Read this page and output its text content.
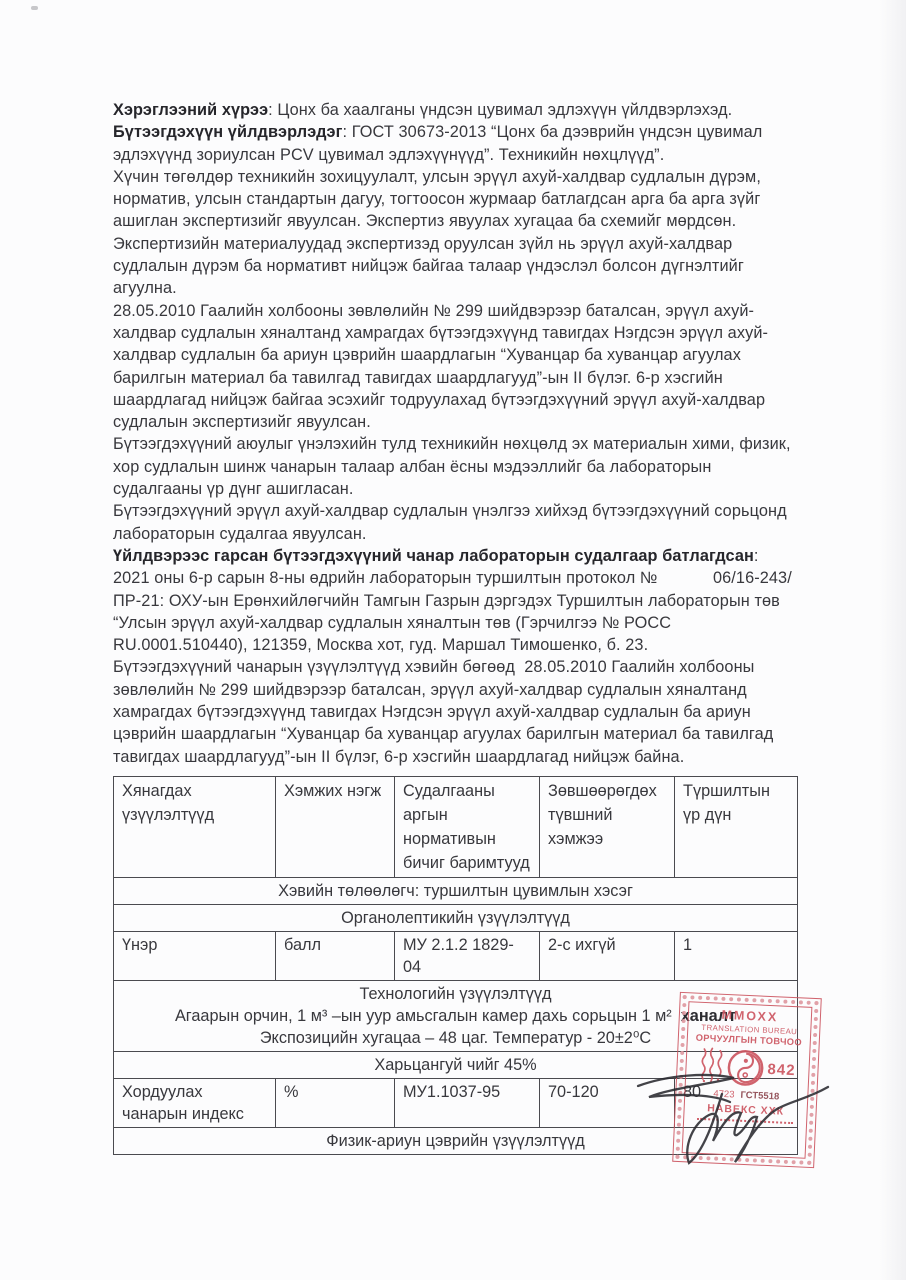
Хэрэглээний хүрээ: Цонх ба хаалганы үндсэн цувимал эдлэхүүн үйлдвэрлэхэд.

Бүтээгдэхүүн үйлдвэрлэдэг: ГОСТ 30673-2013 “Цонх ба дээврийн үндсэн цувимал эдлэхүүнд зориулсан PCV цувимал эдлэхүүнүүд”. Техникийн нөхцлүүд”.

Хүчин төгөлдөр техникийн зохицуулалт, улсын эрүүл ахуй-халдвар судлалын дүрэм, норматив, улсын стандартын дагуу, тогтоосон журмаар батлагдсан арга ба арга зүйг ашиглан экспертизийг явуулсан. Экспертиз явуулах хугацаа ба схемийг мөрдсөн.

Экспертизийн материалуудад экспертизэд оруулсан зүйл нь эрүүл ахуй-халдвар судлалын дүрэм ба нормативт нийцэж байгаа талаар үндэслэл болсон дүгнэлтийг агуулна.

28.05.2010 Гаалийн холбооны зөвлөлийн № 299 шийдвэрээр баталсан, эрүүл ахуй-халдвар судлалын хяналтанд хамрагдах бүтээгдэхүүнд тавигдах Нэгдсэн эрүүл ахуй-халдвар судлалын ба ариун цэврийн шаардлагын “Хуванцар ба хуванцар агуулах барилгын материал ба тавилгад тавигдах шаардлагууд”-ын II бүлэг. 6-р хэсгийн шаардлагад нийцэж байгаа эсэхийг тодруулахад бүтээгдэхүүний эрүүл ахуй-халдвар судлалын экспертизийг явуулсан.

Бүтээгдэхүүний аюулыг үнэлэхийн тулд техникийн нөхцөлд эх материалын хими, физик, хор судлалын шинж чанарын талаар албан ёсны мэдээллийг ба лабораторын судалгааны үр дүнг ашигласан.

Бүтээгдэхүүний эрүүл ахуй-халдвар судлалын үнэлгээ хийхэд бүтээгдэхүүний сорьцонд лабораторын судалгаа явуулсан.

Үйлдвэрээс гарсан бүтээгдэхүүний чанар лабораторын судалгаар батлагдсан:

2021 оны 6-р сарын 8-ны өдрийн лабораторын туршилтын протокол №            06/16-243/ПР-21: ОХУ-ын Ерөнхийлөгчийн Тамгын Газрын дэргэдэх Туршилтын лабораторын төв “Улсын эрүүл ахуй-халдвар судлалын хяналтын төв (Гэрчилгээ № РОСС RU.0001.510440), 121359, Москва хот, гуд. Маршал Тимошенко, б. 23.

Бүтээгдэхүүний чанарын үзүүлэлтүүд хэвийн бөгөөд  28.05.2010 Гаалийн холбооны зөвлөлийн № 299 шийдвэрээр баталсан, эрүүл ахуй-халдвар судлалын хяналтанд хамрагдах бүтээгдэхүүнд тавигдах Нэгдсэн эрүүл ахуй-халдвар судлалын ба ариун цэврийн шаардлагын “Хуванцар ба хуванцар агуулах барилгын материал ба тавилгад тавигдах шаардлагууд”-ын II бүлэг, 6-р хэсгийн шаардлагад нийцэж байна.

Хянагдах үзүүлэлтүүд	Хэмжих нэгж	Судалгааны аргын нормативын бичиг баримтууд	Зөвшөөрөгдөх түвшний хэмжээ	Түршилтын үр дүн
Хэвийн төлөөлөгч: туршилтын цувимлын хэсэг				
Органолептикийн үзүүлэлтүүд				
Үнэр	балл	МУ 2.1.2 1829-04	2-с ихгүй	1

Технологийн үзүүлэлтүүд
Агаарын орчин, 1 м³ –ын уур амьсгалын камер дахь сорьцын 1 м² ханалт
Экспозицийн хугацаа – 48 цаг. Температур - 20±2⁰С				

Харьцангуй чийг 45%				
Хордуулах чанарын индекс	%	МУ1.1037-95	70-120	80
Физик-ариун цэврийн үзүүлэлтүүд				
ММОХХ
TRANSLATION BUREAU
ОРЧУУЛГЫН ТОВЧОО
842
4723 ГСТ5518
НАВЕКС ХХК
